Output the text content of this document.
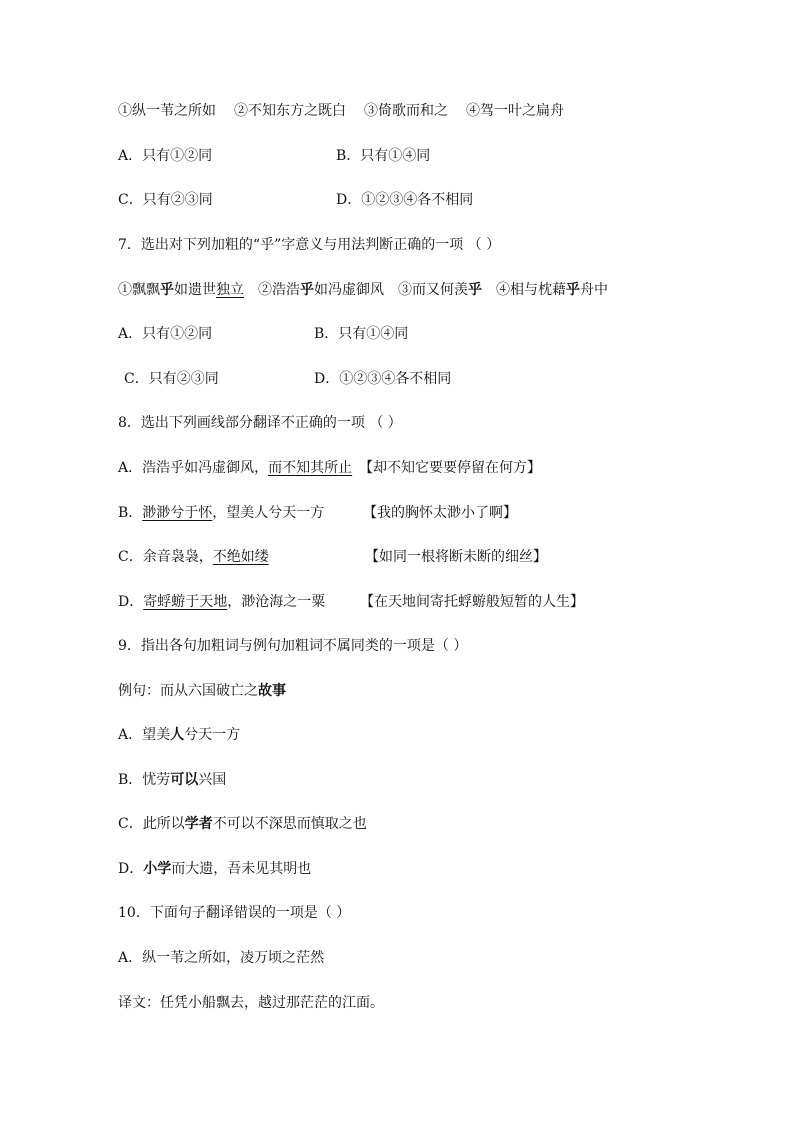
①纵一苇之所如 ②不知东方之既白 ③倚歌而和之 ④驾一叶之扁舟
A．只有①②同	B．只有①④同
C．只有②③同	D．①②③④各不相同
7．选出对下列加粗的“乎”字意义与用法判断正确的一项 （ ）
①飘飘乎如遗世独立 ②浩浩乎如冯虚御风 ③而又何羡乎 ④相与枕藉乎舟中
A．只有①②同	B．只有①④同
C．只有②③同	D．①②③④各不相同
8．选出下列画线部分翻译不正确的一项 （ ）
A．浩浩乎如冯虚御风，而不知其所止 【却不知它要要停留在何方】
B．渺渺兮于怀，望美人兮天一方	【我的胸怀太渺小了啊】
C．余音袅袅，不绝如缕	【如同一根将断未断的细丝】
D．寄蜉蝣于天地，渺沧海之一粟 【在天地间寄托蜉蝣般短暂的人生】
9．指出各句加粗词与例句加粗词不属同类的一项是（ ）
例句：而从六国破亡之故事
A．望美人兮天一方
B．忧劳可以兴国
C．此所以学者不可以不深思而慎取之也
D．小学而大遗，吾未见其明也
10．下面句子翻译错误的一项是（ ）
A．纵一苇之所如，凌万顷之茫然
译文：任凭小船飘去，越过那茫茫的江面。
